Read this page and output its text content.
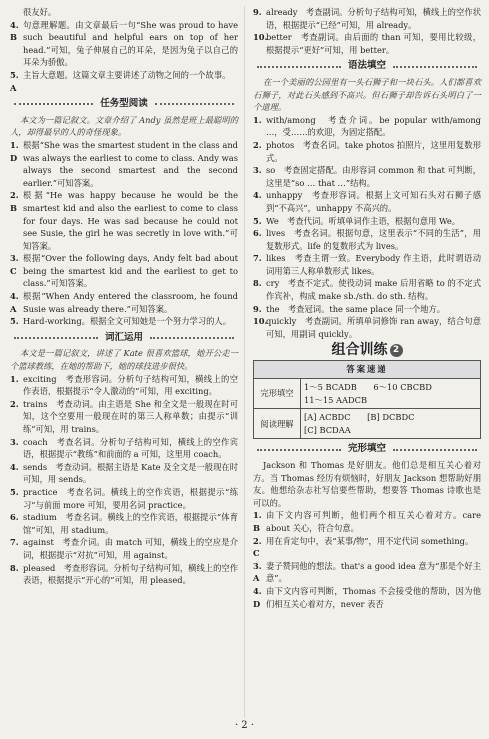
很友好。
4. B
句意理解题。由文章最后一句“She was proud to have such beautiful and helpful ears on top of her head.”可知，兔子伸展自己的耳朵，是因为兔子以自己的耳朵为骄傲。
5. A
主旨大意题。这篇文章主要讲述了动物之间的一个故事。
任务型阅读

本文为一篇记叙文。文章介绍了 Andy 虽然是班上最聪明的人，却得最早的人的奇怪现象。

1. D
根据“She was the smartest student in the class and was always the earliest to come to class. Andy was always the second smartest and the second earlier.”可知答案。
2. B
根据“He was happy because he would be the smartest kid and also the earliest to come to class for four days. He was sad because he could not see Susie, the girl he was secretly in love with.”可知答案。
3. C
根据“Over the following days, Andy felt bad about being the smartest kid and the earliest to get to class.”可知答案。
4. A
根据“When Andy entered the classroom, he found Susie was already there.”可知答案。
5. Hard-working。根据全文可知她是一个努力学习的人。
词汇运用

本文是一篇记叙文，讲述了 Kate 很喜欢篮球，她开公走一个篮球教练，在她的帮助下，她的球技进步很快。

1. exciting　考查形容词。分析句子结构可知，横线上的空作表语，根据提示“令人激动的”可知，用 exciting。
2. trains　考查动词。由主语是 She 和全文是一般现在时可知，这个空要用一般现在时的第三人称单数；由提示“训练”可知，用 trains。
3. coach　考查名词。分析句子结构可知，横线上的空作宾语，根据提示“教练”和前面的 a 可知，这里用 coach。
4. sends　考查动词。根据主语是 Kate 及全文是一般现在时可知，用 sends。
5. practice　考查名词。横线上的空作宾语，根据提示“练习”与前面 more 可知，要用名词 practice。
6. stadium　考查名词。横线上的空作宾语，根据提示“体育馆”可知，用 stadium。
7. against　考查介词。由 match 可知，横线上的空应是介词，根据提示“对抗”可知，用 against。
8. pleased　考查形容词。分析句子结构可知，横线上的空作表语，根据提示“开心的”可知，用 pleased。
9. already　考查副词。分析句子结构可知，横线上的空作状语，根据提示“已经”可知，用 already。
10.
better　考查副词。由后面的 than 可知，要用比较级，根据提示“更好”可知，用 better。
语法填空

在一个美丽的公园里有一头石狮子和一块石头。人们都喜欢石狮子，对此石头感到不高兴。但石狮子却告诉石头明白了一个道理。

1. with/among　考查介词。be popular with/among …，受……的欢迎，为固定搭配。
2. photos　考查名词。take photos 拍照片，这里用复数形式。
3. so　考查固定搭配。由形容词 common 和 that 可判断，这里是“so … that …”结构。
4. unhappy　考查形容词。根据上文可知石头对石狮子感到“不高兴”，unhappy 不高兴的。
5. We　考查代词。听填单词作主语，根据句意用 We。
6. lives　考查名词。根据句意，这里表示“不同的生活”，用复数形式。life 的复数形式为 lives。
7. likes　考查主谓一致。Everybody 作主语，此时谓语动词用第三人称单数形式 likes。
8. cry　考查不定式。使役动词 make 后用省略 to 的不定式作宾补，构成 make sb./sth. do sth. 结构。
9. the　考查冠词。the same place 同一个地方。
10.
quickly　考查副词。所填单词修饰 ran away，结合句意可知，用副词 quickly。
组合训练 2
答案速递	
完形填空	1～5 BCADB　　6～10 CBCBD
11～15 AADCB

阅读理解	[A] ACBDC　　[B] DCBDC
[C] BCDAA
完形填空

Jackson 和 Thomas 是好朋友。他们总是相互关心着对方。当 Thomas 经历有烦恼时，好朋友 Jackson 想帮助好朋友。他想给杂志社写信要些帮助，想要答 Thomas 诗歌也是可以的。

1. B
由下文内容可判断，他们两个相互关心着对方。care about 关心，符合句意。
2. C
用在肯定句中，表“某事/物”，用不定代词 something。
3. A
妻子赞同他的想法。that's a good idea 意为“那是个好主意”。
4. D
由下文内容可判断，Thomas 不会接受他的帮助，因为他们相互关心着对方，never 表否
· 2 ·
